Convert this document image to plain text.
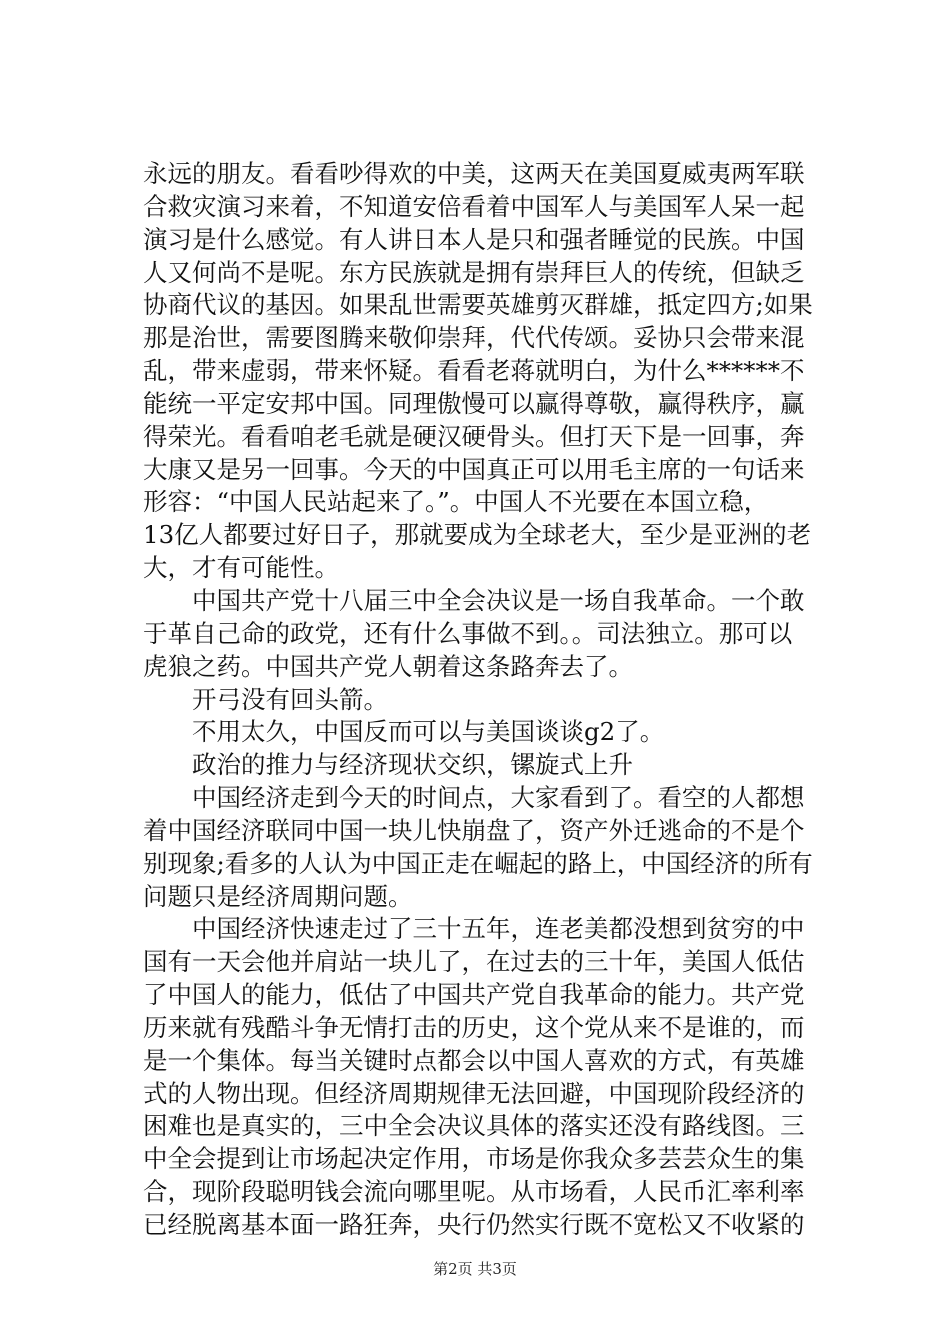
永远的朋友。看看吵得欢的中美，这两天在美国夏威夷两军联
合救灾演习来着，不知道安倍看着中国军人与美国军人呆一起
演习是什么感觉。有人讲日本人是只和强者睡觉的民族。中国
人又何尚不是呢。东方民族就是拥有崇拜巨人的传统，但缺乏
协商代议的基因。如果乱世需要英雄剪灭群雄，抵定四方;如果
那是治世，需要图腾来敬仰崇拜，代代传颂。妥协只会带来混
乱，带来虚弱，带来怀疑。看看老蒋就明白，为什么******不
能统一平定安邦中国。同理傲慢可以赢得尊敬，赢得秩序，赢
得荣光。看看咱老毛就是硬汉硬骨头。但打天下是一回事，奔
大康又是另一回事。今天的中国真正可以用毛主席的一句话来
形容：“中国人民站起来了。”。中国人不光要在本国立稳，
13亿人都要过好日子，那就要成为全球老大，至少是亚洲的老
大，才有可能性。
中国共产党十八届三中全会决议是一场自我革命。一个敢
于革自己命的政党，还有什么事做不到。。司法独立。那可以
虎狼之药。中国共产党人朝着这条路奔去了。
开弓没有回头箭。
不用太久，中国反而可以与美国谈谈g2了。
政治的推力与经济现状交织，镙旋式上升
中国经济走到今天的时间点，大家看到了。看空的人都想
着中国经济联同中国一块儿快崩盘了，资产外迁逃命的不是个
别现象;看多的人认为中国正走在崛起的路上，中国经济的所有
问题只是经济周期问题。
中国经济快速走过了三十五年，连老美都没想到贫穷的中
国有一天会他并肩站一块儿了，在过去的三十年，美国人低估
了中国人的能力，低估了中国共产党自我革命的能力。共产党
历来就有残酷斗争无情打击的历史，这个党从来不是谁的，而
是一个集体。每当关键时点都会以中国人喜欢的方式，有英雄
式的人物出现。但经济周期规律无法回避，中国现阶段经济的
困难也是真实的，三中全会决议具体的落实还没有路线图。三
中全会提到让市场起决定作用，市场是你我众多芸芸众生的集
合，现阶段聪明钱会流向哪里呢。从市场看，人民币汇率利率
已经脱离基本面一路狂奔，央行仍然实行既不宽松又不收紧的
第2页 共3页
